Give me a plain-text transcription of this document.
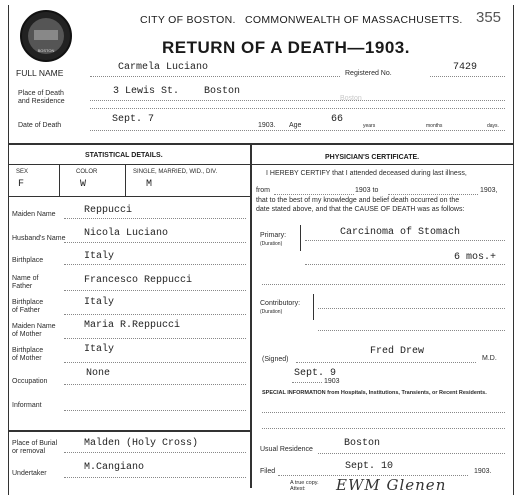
BOSTON
CITY OF BOSTON. COMMONWEALTH OF MASSACHUSETTS. 355
RETURN OF A DEATH—1903.
FULL NAME	Carmela Luciano
Registered No.
7429
Place of Death
and Residence
3 Lewis St. Boston
Boston
Date of Death
Sept. 7
1903. Age
66
years	months	days.
STATISTICAL DETAILS.
SEX	COLOR	SINGLE, MARRIED, WID., DIV.
F	W	M
Maiden Name	Reppucci
Husband's Name Nicola Luciano
Birthplace	Italy
Name of
Father
Francesco Reppucci
Birthplace
of Father
Italy
Maiden Name
of Mother
Maria R.Reppucci
Birthplace
of Mother
Italy
Occupation
None
Informant
Place of Burial
or removal
Malden (Holy Cross)
Undertaker
M.Cangiano
PHYSICIAN'S CERTIFICATE.
I HEREBY CERTIFY that I attended deceased during last illness,
from	1903 to	1903,
that to the best of my knowledge and belief death occurred on the
date stated above, and that the CAUSE OF DEATH was as follows:
Primary:
(Duration)
Carcinoma of Stomach
6 mos.+
Contributory:
(Duration)
(Signed)
Fred Drew
M.D.
Sept. 9
1903
SPECIAL INFORMATION from Hospitals, Institutions, Transients, or Recent Residents.
Usual Residence
Boston
Filed	Sept. 10	1903.
A true copy.
Attest:	EWM Glenen
